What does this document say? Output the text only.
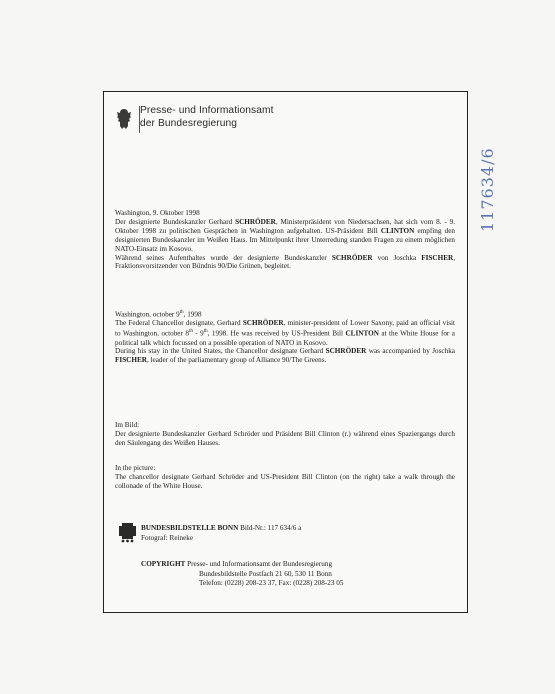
117634/6
Presse- und Informationsamt
der Bundesregierung

Washington, 9. Oktober 1998

Der designierte Bundeskanzler Gerhard SCHRÖDER, Ministerpräsident von Niedersachsen, hat sich vom 8. - 9. Oktober 1998 zu politischen Gesprächen in Washington aufgehalten. US-Präsident Bill CLINTON empfing den designierten Bundeskanzler im Weißen Haus. Im Mittelpunkt ihrer Unterredung standen Fragen zu einem möglichen NATO-Einsatz im Kosovo.

Während seines Aufenthaltes wurde der designierte Bundeskanzler SCHRÖDER von Joschka FISCHER, Fraktionsvorsitzender von Bündnis 90/Die Grünen, begleitet.

Washington, october 9th, 1998

The Federal Chancellor designate, Gerhard SCHRÖDER, minister-president of Lower Saxony, paid an official visit to Washington, october 8th - 9th, 1998. He was received by US-President Bill CLINTON at the White House for a political talk which focussed on a possible operation of NATO in Kosovo.

During his stay in the United States, the Chancellor designate Gerhard SCHRÖDER was accompanied by Joschka FISCHER, leader of the parliamentary group of Alliance 90/The Greens.

Im Bild:

Der designierte Bundeskanzler Gerhard Schröder und Präsident Bill Clinton (r.) während eines Spaziergangs durch den Säulengang des Weißen Hauses.

In the picture:

The chancellor designate Gerhard Schröder and US-President Bill Clinton (on the right) take a walk through the collonade of the White House.

BUNDESBILDSTELLE BONN Bild-Nr.: 117 634/6 a
Fotograf: Reineke
COPYRIGHT Presse- und Informationsamt der Bundesregierung
Bundesbildstelle Postfach 21 60, 530 11 Bonn
Telefon: (0228) 208-23 37, Fax: (0228) 208-23 05
